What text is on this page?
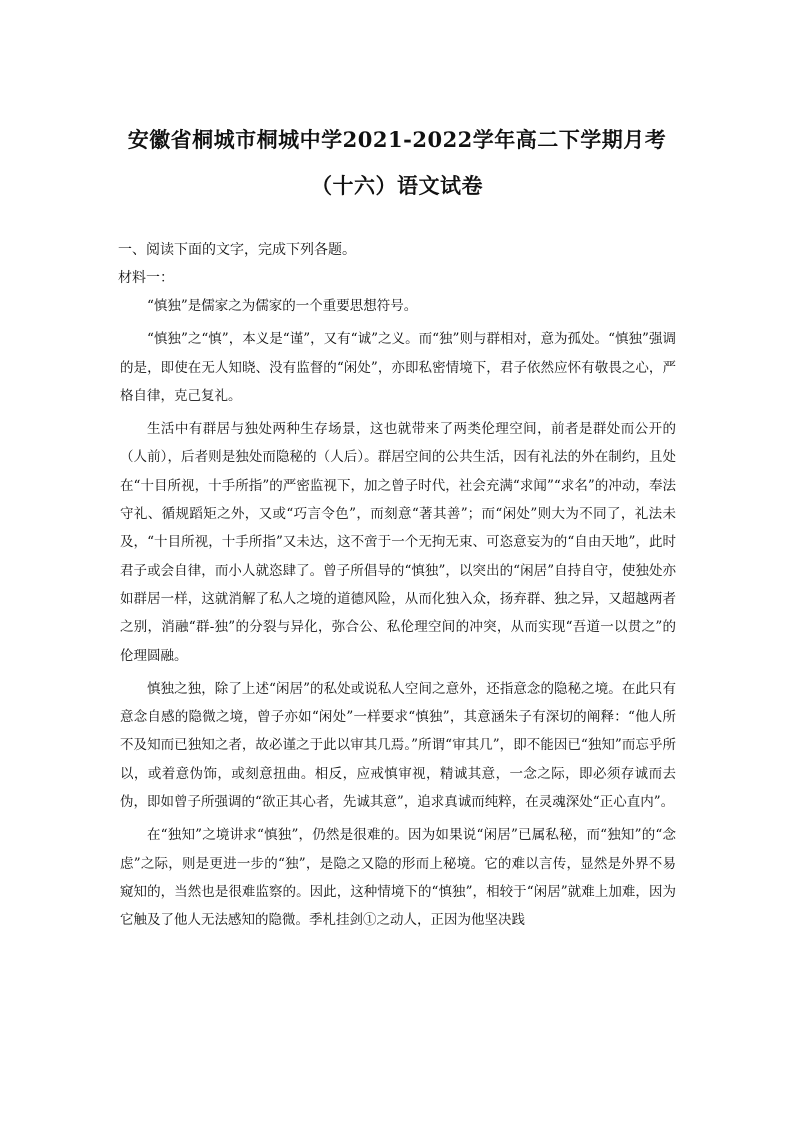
安徽省桐城市桐城中学2021-2022学年高二下学期月考
（十六）语文试卷
一、阅读下面的文字，完成下列各题。
材料一：

“慎独”是儒家之为儒家的一个重要思想符号。

“慎独”之“慎”，本义是“谨”，又有“诚”之义。而“独”则与群相对，意为孤处。“慎独”强调的是，即使在无人知晓、没有监督的“闲处”，亦即私密情境下，君子依然应怀有敬畏之心，严格自律，克己复礼。

生活中有群居与独处两种生存场景，这也就带来了两类伦理空间，前者是群处而公开的（人前），后者则是独处而隐秘的（人后）。群居空间的公共生活，因有礼法的外在制约，且处在“十目所视，十手所指”的严密监视下，加之曾子时代，社会充满“求闻”“求名”的冲动，奉法守礼、循规蹈矩之外，又或“巧言令色”，而刻意“著其善”；而“闲处”则大为不同了，礼法未及，“十目所视，十手所指”又未达，这不啻于一个无拘无束、可恣意妄为的“自由天地”，此时君子或会自律，而小人就恣肆了。曾子所倡导的“慎独”，以突出的“闲居”自持自守，使独处亦如群居一样，这就消解了私人之境的道德风险，从而化独入众，扬弃群、独之异，又超越两者之别，消融“群-独”的分裂与异化，弥合公、私伦理空间的冲突，从而实现“吾道一以贯之”的伦理圆融。

慎独之独，除了上述“闲居”的私处或说私人空间之意外，还指意念的隐秘之境。在此只有意念自感的隐微之境，曾子亦如“闲处”一样要求“慎独”，其意涵朱子有深切的阐释：“他人所不及知而已独知之者，故必谨之于此以审其几焉。”所谓“审其几”，即不能因已“独知”而忘乎所以，或着意伪饰，或刻意扭曲。相反，应戒慎审视，精诚其意，一念之际，即必须存诚而去伪，即如曾子所强调的“欲正其心者，先诚其意”，追求真诚而纯粹，在灵魂深处“正心直内”。

在“独知”之境讲求“慎独”，仍然是很难的。因为如果说“闲居”已属私秘，而“独知”的“念虑”之际，则是更进一步的“独”，是隐之又隐的形而上秘境。它的难以言传，显然是外界不易窥知的，当然也是很难监察的。因此，这种情境下的“慎独”，相较于“闲居”就难上加难，因为它触及了他人无法感知的隐微。季札挂剑①之动人，正因为他坚决践
